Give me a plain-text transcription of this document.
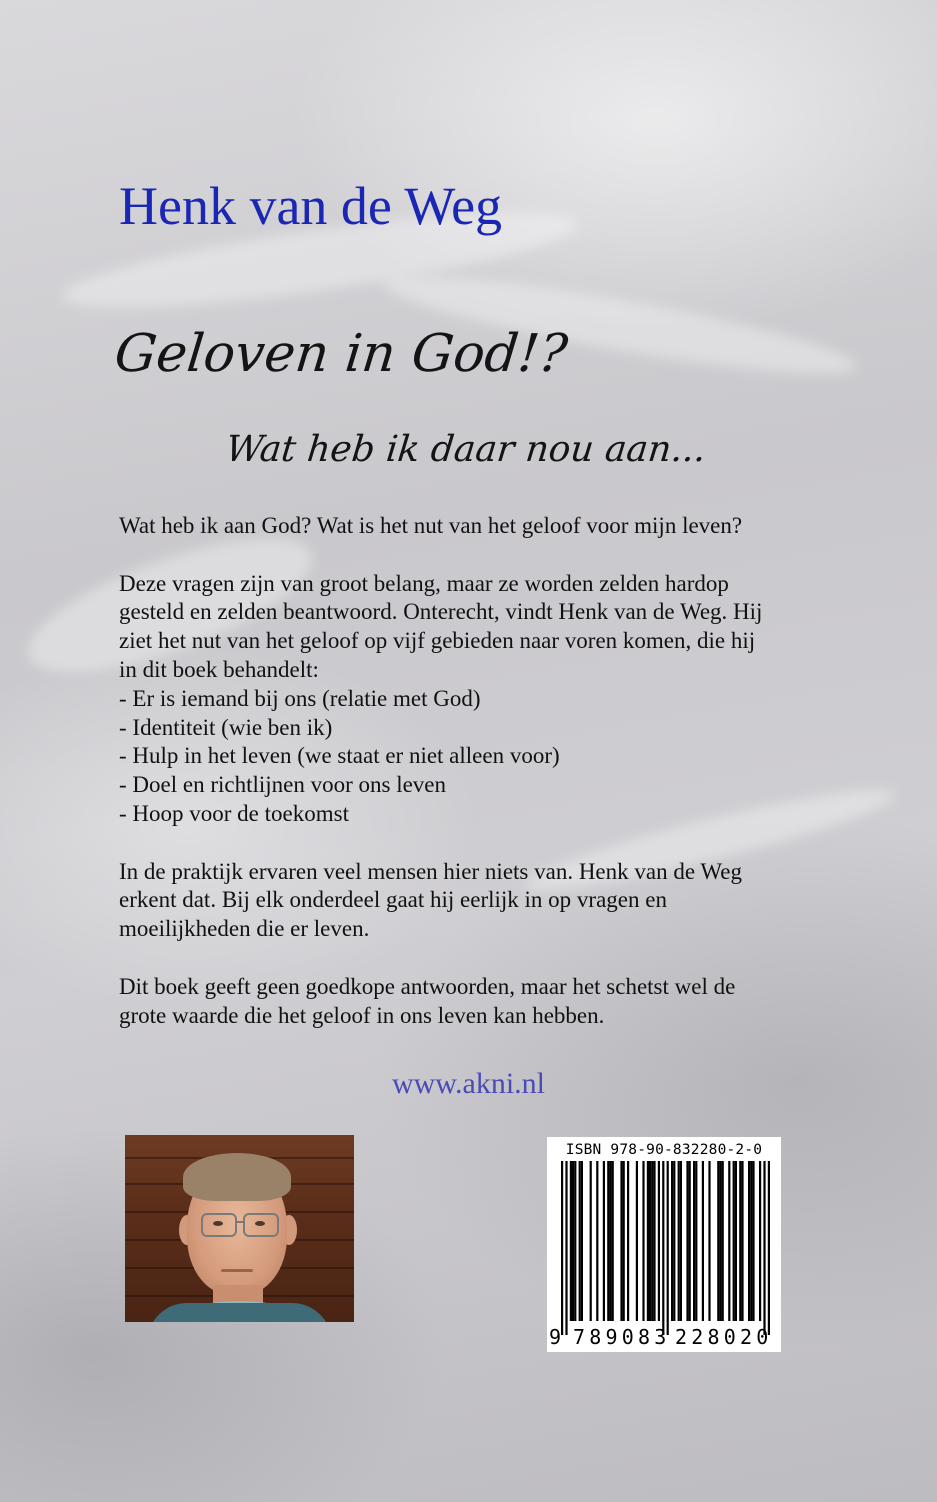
Henk van de Weg
Geloven in God!?
Wat heb ik daar nou aan...

Wat heb ik aan God? Wat is het nut van het geloof voor mijn leven?

Deze vragen zijn van groot belang, maar ze worden zelden hardop

gesteld en zelden beantwoord. Onterecht, vindt Henk van de Weg. Hij

ziet het nut van het geloof op vijf gebieden naar voren komen, die hij

in dit boek behandelt:

- Er is iemand bij ons (relatie met God)

- Identiteit (wie ben ik)

- Hulp in het leven (we staat er niet alleen voor)

- Doel en richtlijnen voor ons leven

- Hoop voor de toekomst

In de praktijk ervaren veel mensen hier niets van. Henk van de Weg

erkent dat. Bij elk onderdeel gaat hij eerlijk in op vragen en

moeilijkheden die er leven.

Dit boek geeft geen goedkope antwoorden, maar het schetst wel de

grote waarde die het geloof in ons leven kan hebben.

www.akni.nl
ISBN 978-90-832280-2-0
9 789083 228020
